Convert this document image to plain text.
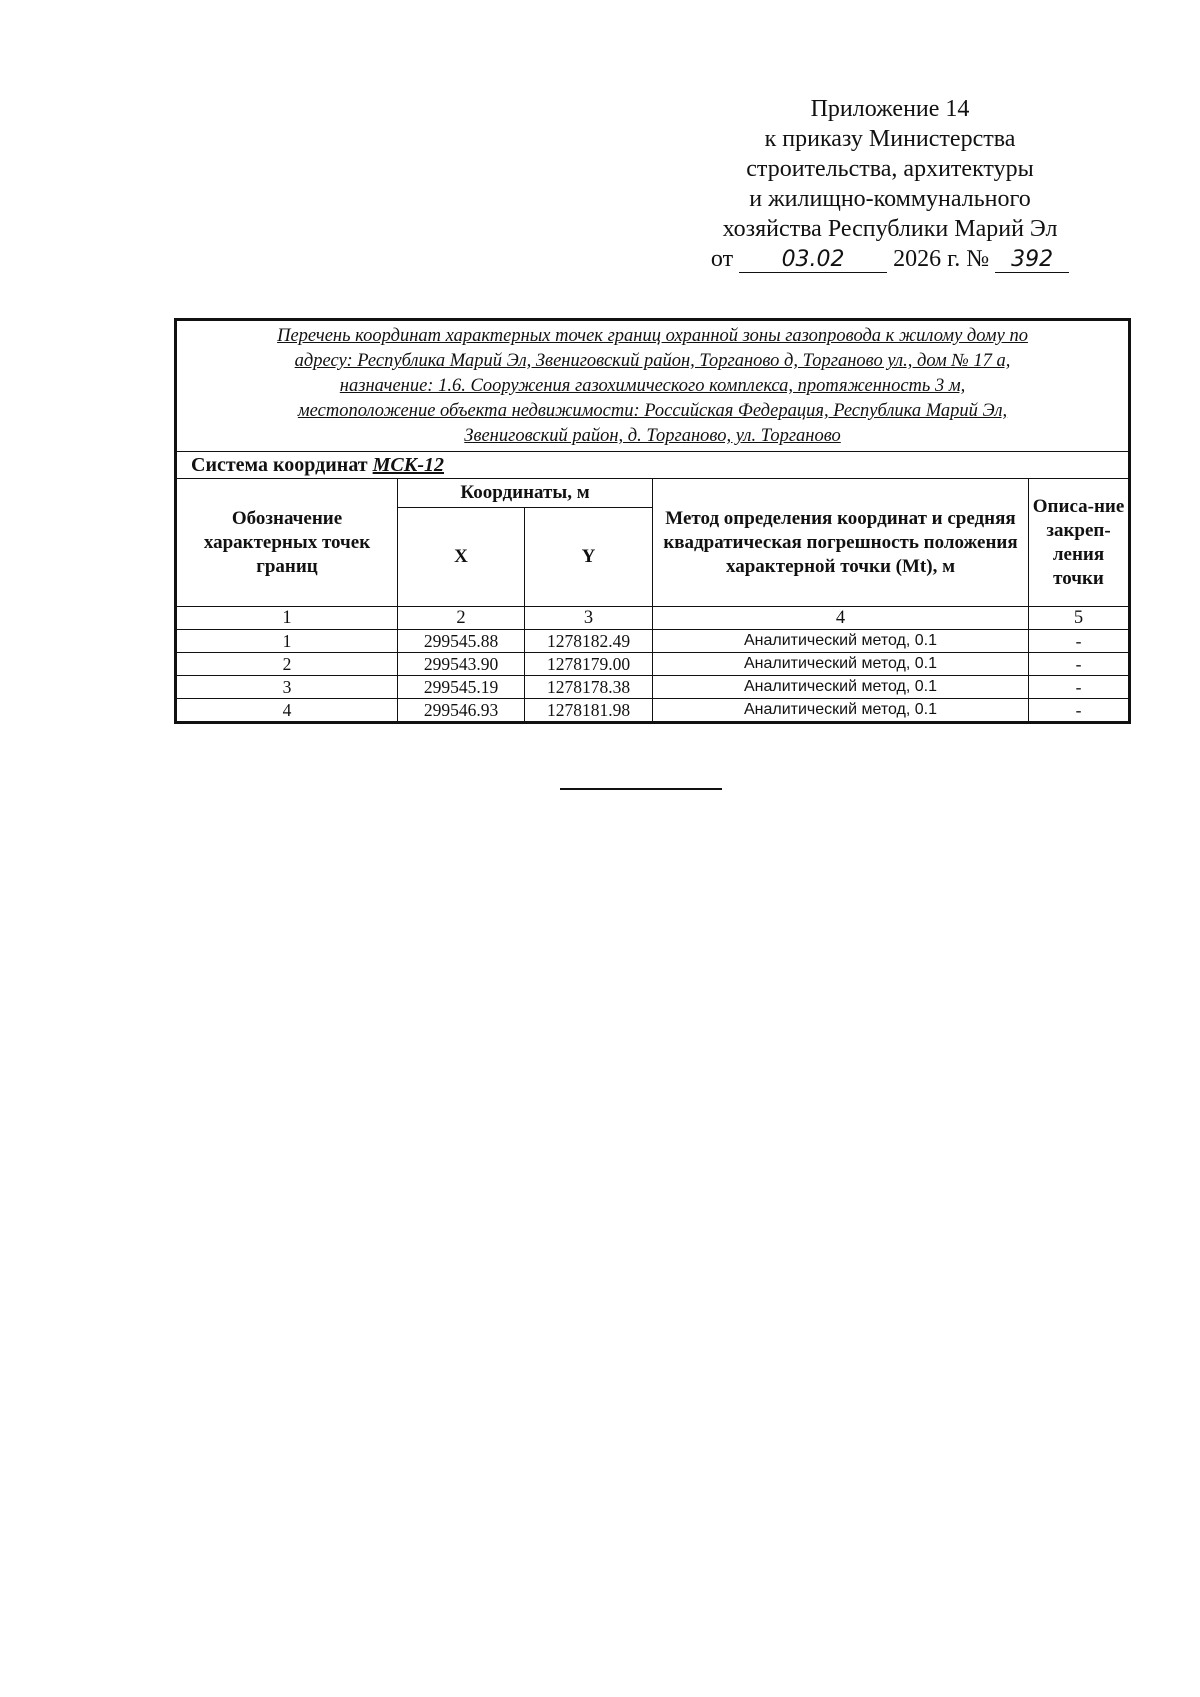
Приложение 14
к приказу Министерства
строительства, архитектуры
и жилищно-коммунального
хозяйства Республики Марий Эл
от 03.02 2026 г. № 392
Перечень координат характерных точек границ охранной зоны газопровода к жилому дому по
адресу: Республика Марий Эл, Звениговский район, Торганово д, Торганово ул., дом № 17 а,
назначение: 1.6. Сооружения газохимического комплекса, протяженность 3 м,
местоположение объекта недвижимости: Российская Федерация, Республика Марий Эл,
Звениговский район, д. Торганово, ул. Торганово				

Система координат МСК-12				
Обозначение характерных точек границ	Координаты, м		Метод определения координат и средняя квадратическая погрешность положения характерной точки (Mt), м	Описа-ние закреп-ления точки
	X	Y		
1	2	3	4	5
1	299545.88	1278182.49	Аналитический метод, 0.1	-
2	299543.90	1278179.00	Аналитический метод, 0.1	-
3	299545.19	1278178.38	Аналитический метод, 0.1	-
4	299546.93	1278181.98	Аналитический метод, 0.1	-
